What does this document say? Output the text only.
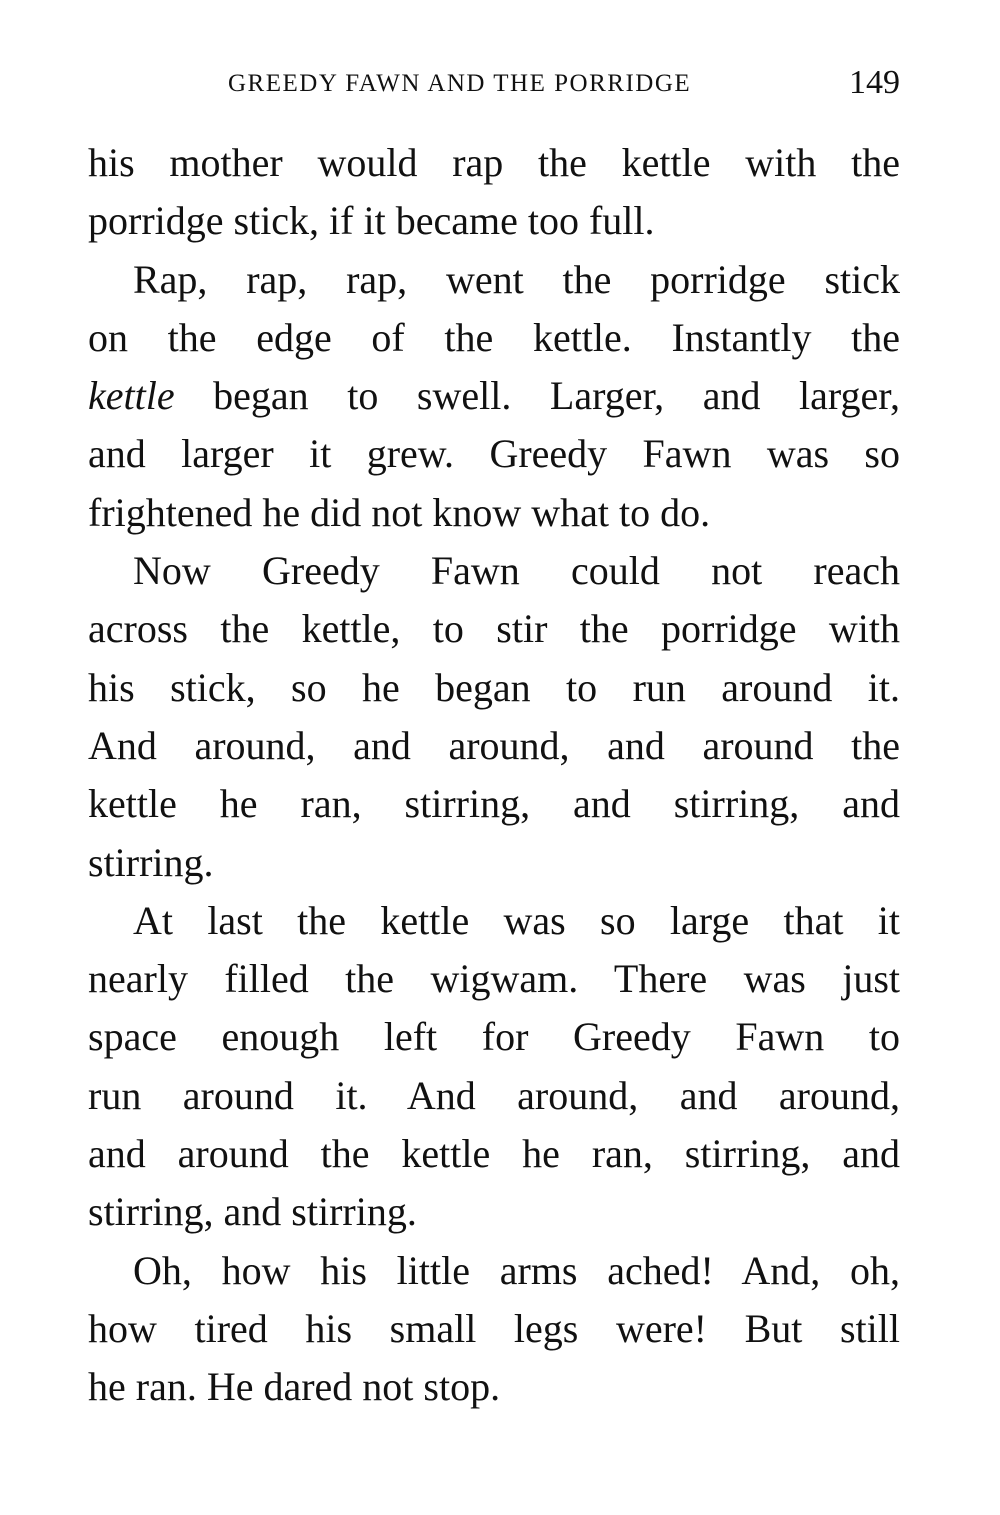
GREEDY FAWN AND THE PORRIDGE	149
his mother would rap the kettle with the
porridge stick, if it became too full.
Rap, rap, rap, went the porridge stick
on the edge of the kettle. Instantly the
kettle began to swell. Larger, and larger,
and larger it grew. Greedy Fawn was so
frightened he did not know what to do.
Now Greedy Fawn could not reach
across the kettle, to stir the porridge with
his stick, so he began to run around it.
And around, and around, and around the
kettle he ran, stirring, and stirring, and
stirring.
At last the kettle was so large that it
nearly filled the wigwam. There was just
space enough left for Greedy Fawn to
run around it. And around, and around,
and around the kettle he ran, stirring, and
stirring, and stirring.
Oh, how his little arms ached! And, oh,
how tired his small legs were! But still
he ran. He dared not stop.
